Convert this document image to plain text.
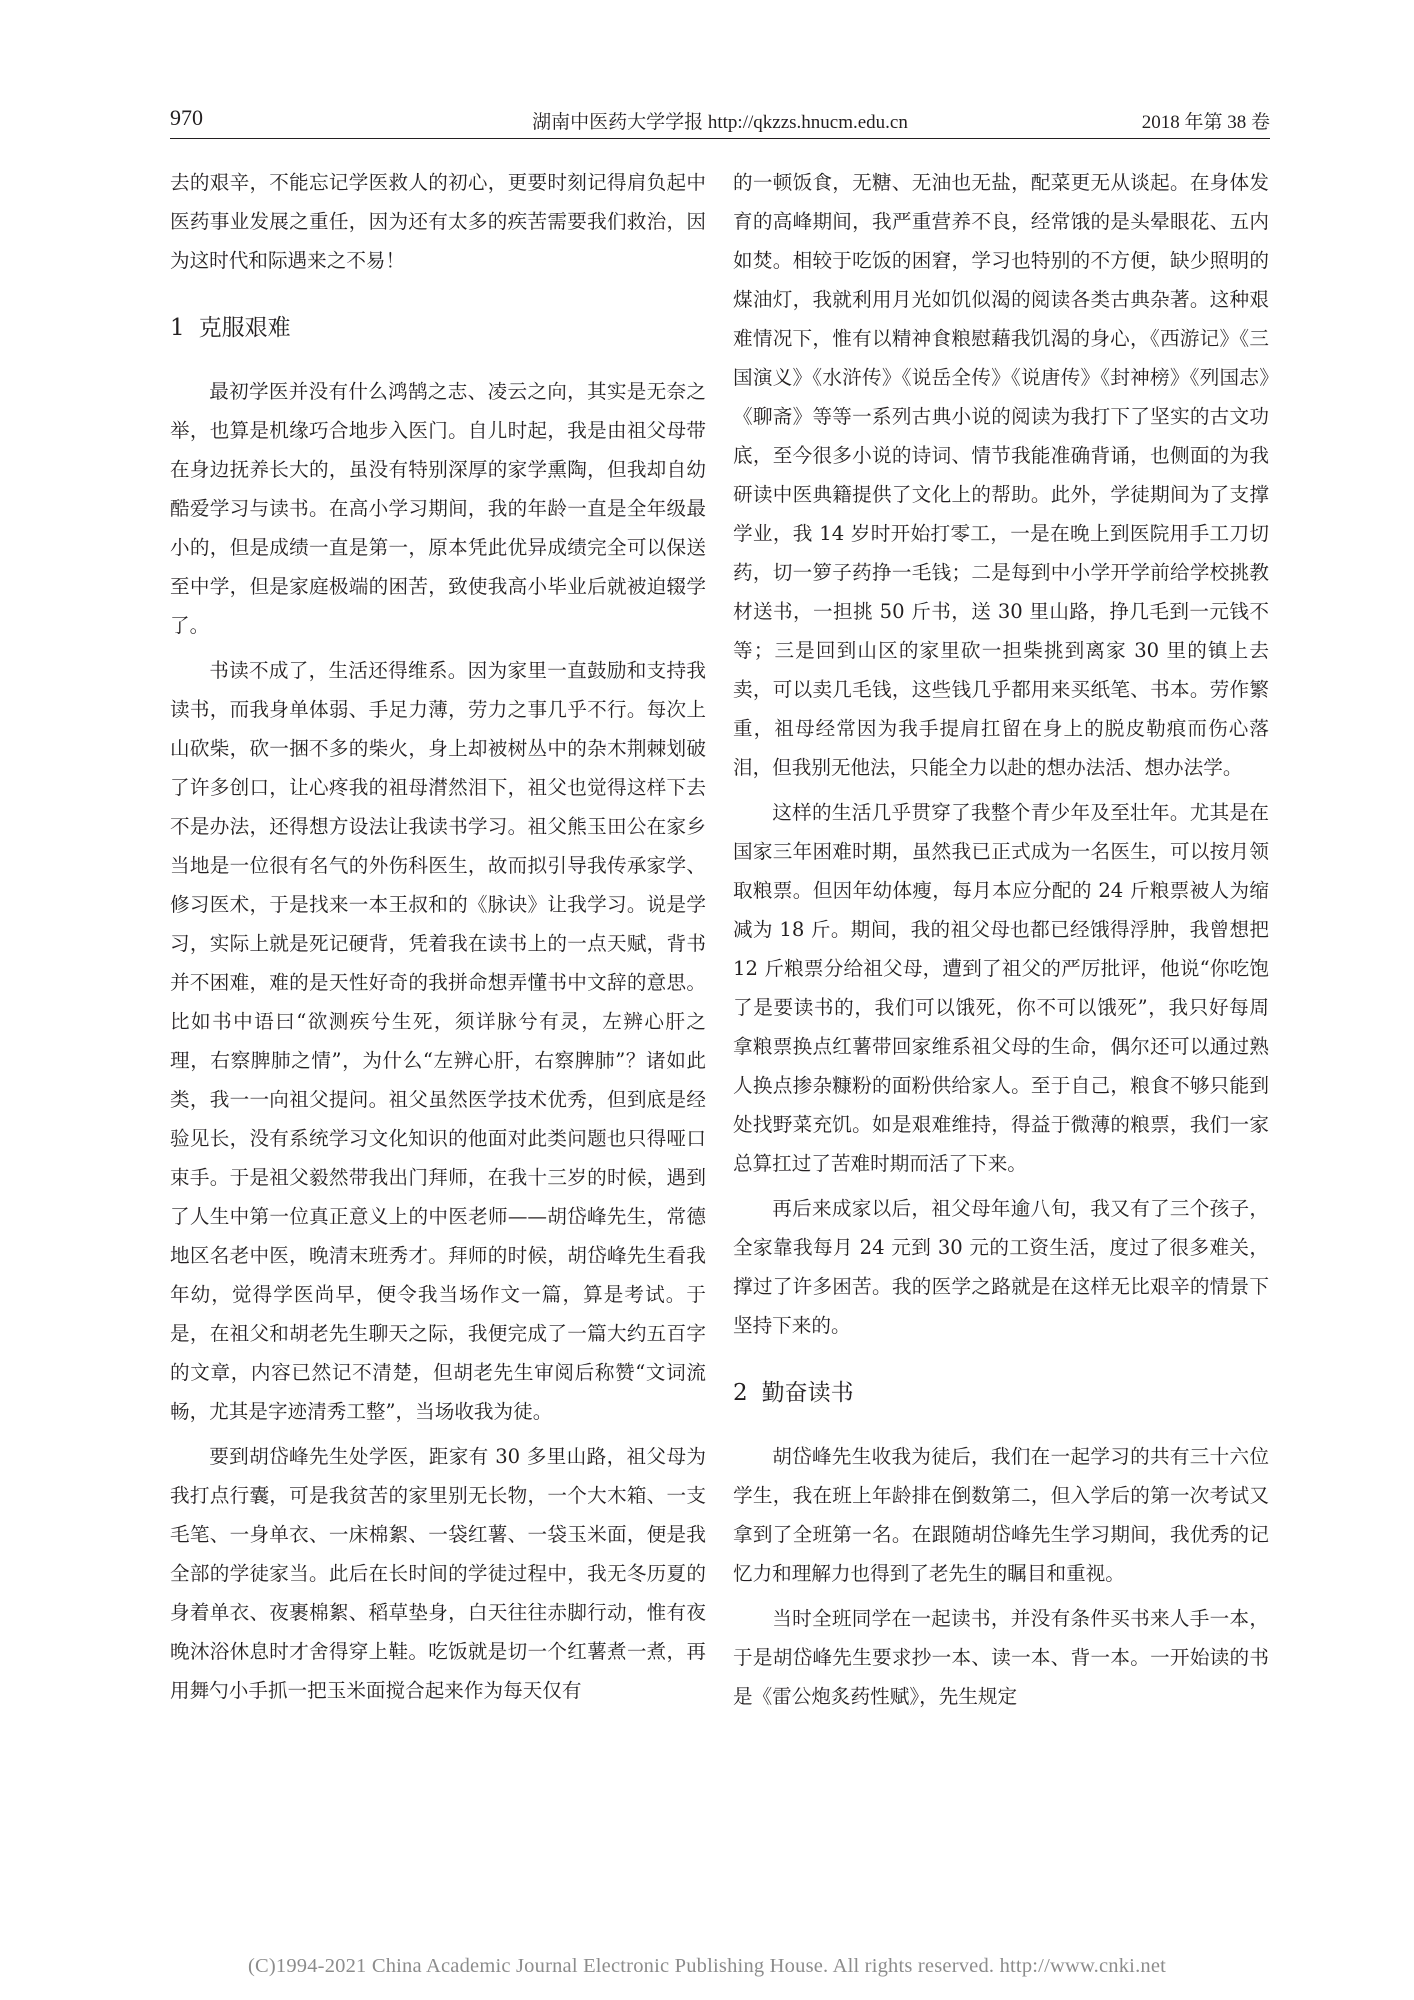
970	湖南中医药大学学报 http://qkzzs.hnucm.edu.cn	2018 年第 38 卷

去的艰辛，不能忘记学医救人的初心，更要时刻记得肩负起中医药事业发展之重任，因为还有太多的疾苦需要我们救治，因为这时代和际遇来之不易！

1 克服艰难

最初学医并没有什么鸿鹄之志、凌云之向，其实是无奈之举，也算是机缘巧合地步入医门。自儿时起，我是由祖父母带在身边抚养长大的，虽没有特别深厚的家学熏陶，但我却自幼酷爱学习与读书。在高小学习期间，我的年龄一直是全年级最小的，但是成绩一直是第一，原本凭此优异成绩完全可以保送至中学，但是家庭极端的困苦，致使我高小毕业后就被迫辍学了。

书读不成了，生活还得维系。因为家里一直鼓励和支持我读书，而我身单体弱、手足力薄，劳力之事几乎不行。每次上山砍柴，砍一捆不多的柴火，身上却被树丛中的杂木荆棘划破了许多创口，让心疼我的祖母潸然泪下，祖父也觉得这样下去不是办法，还得想方设法让我读书学习。祖父熊玉田公在家乡当地是一位很有名气的外伤科医生，故而拟引导我传承家学、修习医术，于是找来一本王叔和的《脉诀》让我学习。说是学习，实际上就是死记硬背，凭着我在读书上的一点天赋，背书并不困难，难的是天性好奇的我拼命想弄懂书中文辞的意思。比如书中语曰“欲测疾兮生死，须详脉兮有灵，左辨心肝之理，右察脾肺之情”，为什么“左辨心肝，右察脾肺”？诸如此类，我一一向祖父提问。祖父虽然医学技术优秀，但到底是经验见长，没有系统学习文化知识的他面对此类问题也只得哑口束手。于是祖父毅然带我出门拜师，在我十三岁的时候，遇到了人生中第一位真正意义上的中医老师——胡岱峰先生，常德地区名老中医，晚清末班秀才。拜师的时候，胡岱峰先生看我年幼，觉得学医尚早，便令我当场作文一篇，算是考试。于是，在祖父和胡老先生聊天之际，我便完成了一篇大约五百字的文章，内容已然记不清楚，但胡老先生审阅后称赞“文词流畅，尤其是字迹清秀工整”，当场收我为徒。

要到胡岱峰先生处学医，距家有 30 多里山路，祖父母为我打点行囊，可是我贫苦的家里别无长物，一个大木箱、一支毛笔、一身单衣、一床棉絮、一袋红薯、一袋玉米面，便是我全部的学徒家当。此后在长时间的学徒过程中，我无冬历夏的身着单衣、夜裹棉絮、稻草垫身，白天往往赤脚行动，惟有夜晚沐浴休息时才舍得穿上鞋。吃饭就是切一个红薯煮一煮，再用舞勺小手抓一把玉米面搅合起来作为每天仅有

的一顿饭食，无糖、无油也无盐，配菜更无从谈起。在身体发育的高峰期间，我严重营养不良，经常饿的是头晕眼花、五内如焚。相较于吃饭的困窘，学习也特别的不方便，缺少照明的煤油灯，我就利用月光如饥似渴的阅读各类古典杂著。这种艰难情况下，惟有以精神食粮慰藉我饥渴的身心，《西游记》《三国演义》《水浒传》《说岳全传》《说唐传》《封神榜》《列国志》《聊斋》等等一系列古典小说的阅读为我打下了坚实的古文功底，至今很多小说的诗词、情节我能准确背诵，也侧面的为我研读中医典籍提供了文化上的帮助。此外，学徒期间为了支撑学业，我 14 岁时开始打零工，一是在晚上到医院用手工刀切药，切一箩子药挣一毛钱；二是每到中小学开学前给学校挑教材送书，一担挑 50 斤书，送 30 里山路，挣几毛到一元钱不等；三是回到山区的家里砍一担柴挑到离家 30 里的镇上去卖，可以卖几毛钱，这些钱几乎都用来买纸笔、书本。劳作繁重，祖母经常因为我手提肩扛留在身上的脱皮勒痕而伤心落泪，但我别无他法，只能全力以赴的想办法活、想办法学。

这样的生活几乎贯穿了我整个青少年及至壮年。尤其是在国家三年困难时期，虽然我已正式成为一名医生，可以按月领取粮票。但因年幼体瘦，每月本应分配的 24 斤粮票被人为缩减为 18 斤。期间，我的祖父母也都已经饿得浮肿，我曾想把 12 斤粮票分给祖父母，遭到了祖父的严厉批评，他说“你吃饱了是要读书的，我们可以饿死，你不可以饿死”，我只好每周拿粮票换点红薯带回家维系祖父母的生命，偶尔还可以通过熟人换点掺杂糠粉的面粉供给家人。至于自己，粮食不够只能到处找野菜充饥。如是艰难维持，得益于微薄的粮票，我们一家总算扛过了苦难时期而活了下来。

再后来成家以后，祖父母年逾八旬，我又有了三个孩子，全家靠我每月 24 元到 30 元的工资生活，度过了很多难关，撑过了许多困苦。我的医学之路就是在这样无比艰辛的情景下坚持下来的。

2 勤奋读书

胡岱峰先生收我为徒后，我们在一起学习的共有三十六位学生，我在班上年龄排在倒数第二，但入学后的第一次考试又拿到了全班第一名。在跟随胡岱峰先生学习期间，我优秀的记忆力和理解力也得到了老先生的瞩目和重视。

当时全班同学在一起读书，并没有条件买书来人手一本，于是胡岱峰先生要求抄一本、读一本、背一本。一开始读的书是《雷公炮炙药性赋》，先生规定

(C)1994-2021 China Academic Journal Electronic Publishing House. All rights reserved. http://www.cnki.net
